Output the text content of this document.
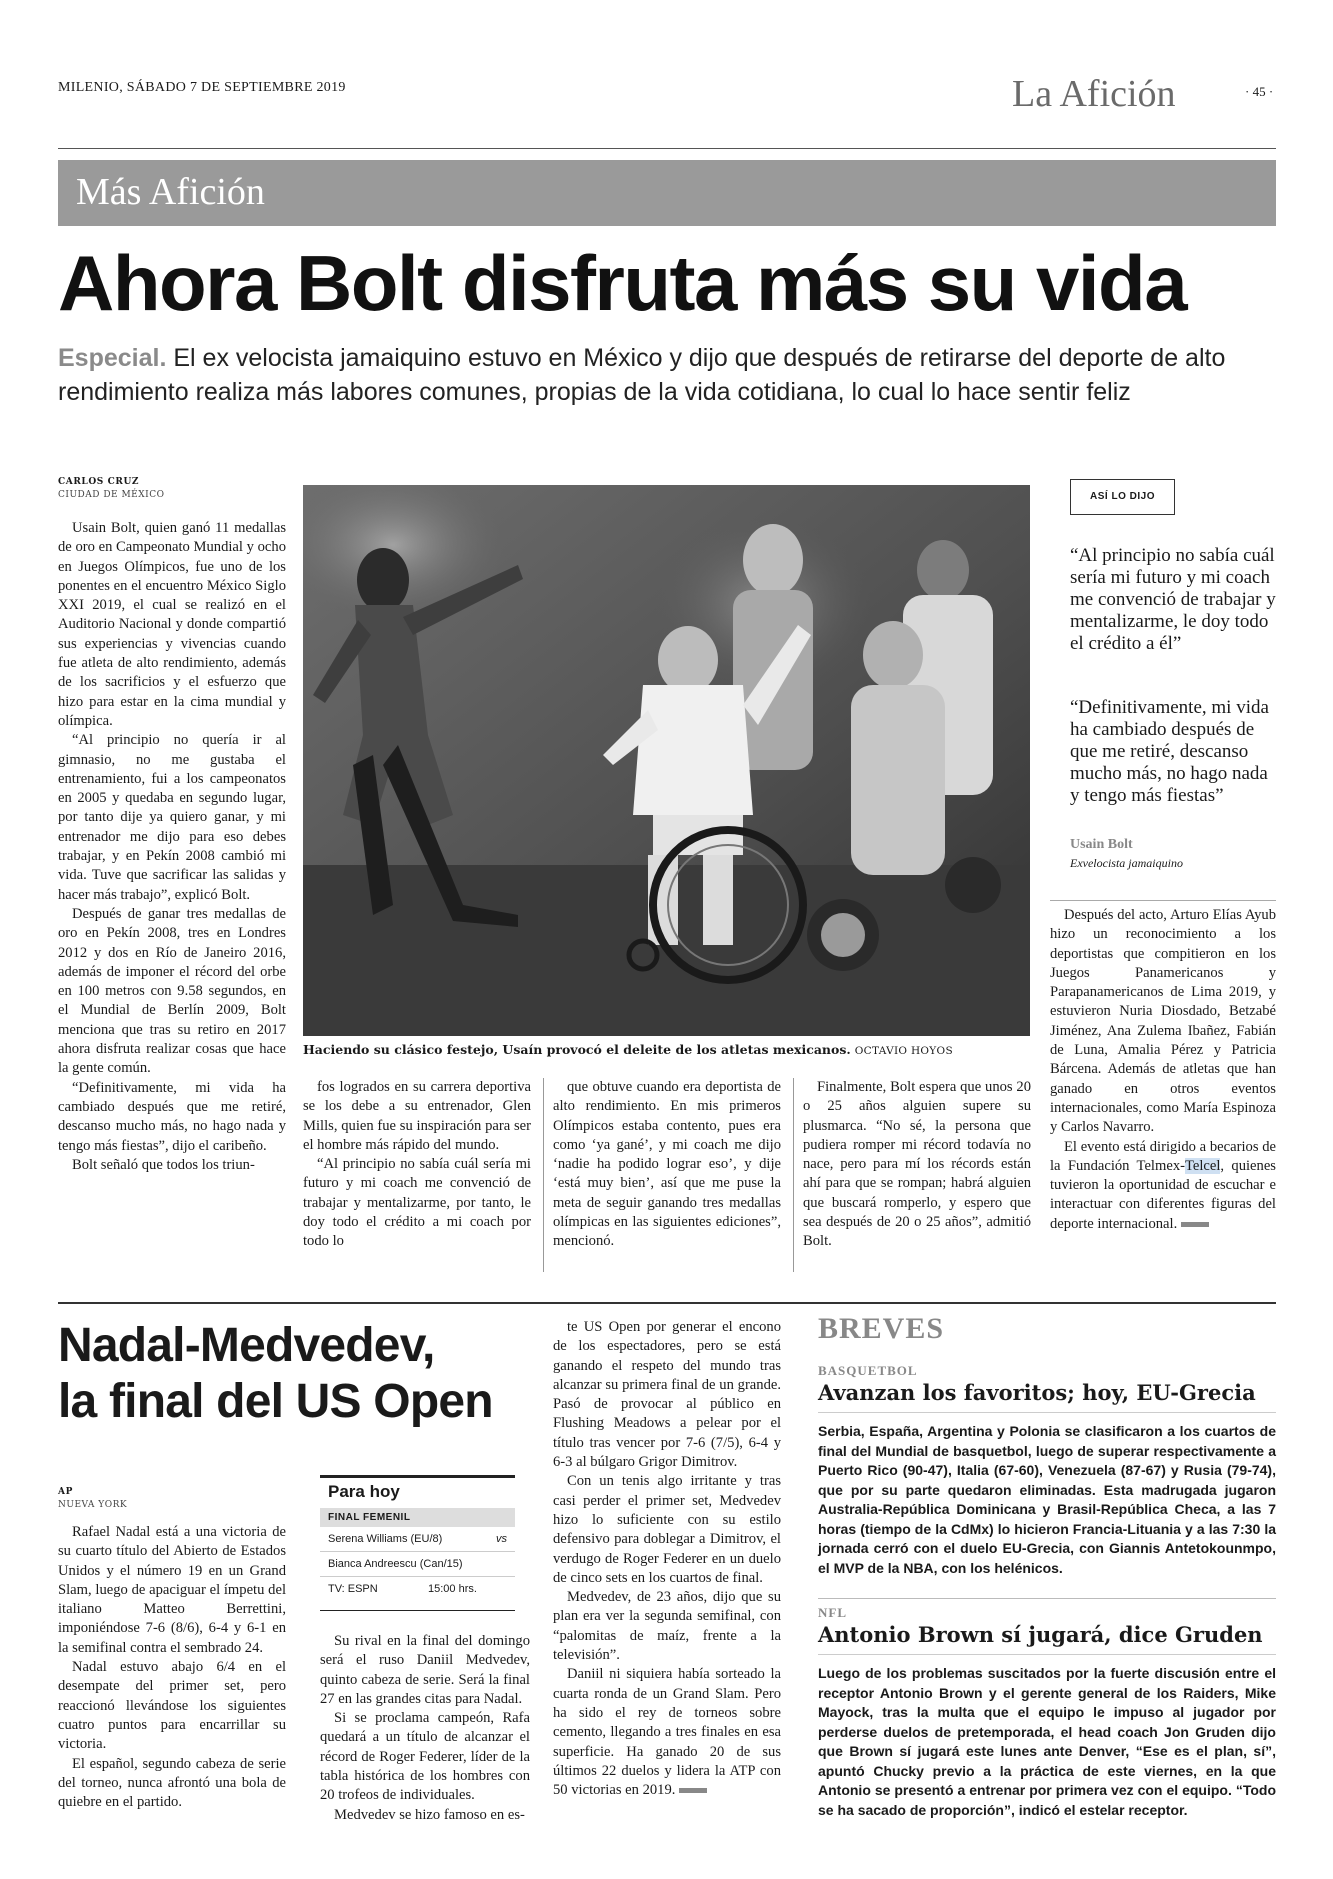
MILENIO, SÁBADO 7 DE SEPTIEMBRE 2019	La Afición	· 45 ·
Más Afición
Ahora Bolt disfruta más su vida
Especial. El ex velocista jamaiquino estuvo en México y dijo que después de retirarse del deporte de alto rendimiento realiza más labores comunes, propias de la vida cotidiana, lo cual lo hace sentir feliz
CARLOS CRUZ
CIUDAD DE MÉXICO

Usain Bolt, quien ganó 11 medallas de oro en Campeonato Mundial y ocho en Juegos Olímpicos, fue uno de los ponentes en el encuentro México Siglo XXI 2019, el cual se realizó en el Auditorio Nacional y donde compartió sus experiencias y vivencias cuando fue atleta de alto rendimiento, además de los sacrificios y el esfuerzo que hizo para estar en la cima mundial y olímpica.

“Al principio no quería ir al gimnasio, no me gustaba el entrenamiento, fui a los campeonatos en 2005 y quedaba en segundo lugar, por tanto dije ya quiero ganar, y mi entrenador me dijo para eso debes trabajar, y en Pekín 2008 cambió mi vida. Tuve que sacrificar las salidas y hacer más trabajo”, explicó Bolt.

Después de ganar tres medallas de oro en Pekín 2008, tres en Londres 2012 y dos en Río de Janeiro 2016, además de imponer el récord del orbe en 100 metros con 9.58 segundos, en el Mundial de Berlín 2009, Bolt menciona que tras su retiro en 2017 ahora disfruta realizar cosas que hace la gente común.

“Definitivamente, mi vida ha cambiado después que me retiré, descanso mucho más, no hago nada y tengo más fiestas”, dijo el caribeño.

Bolt señaló que todos los triun-

Haciendo su clásico festejo, Usaín provocó el deleite de los atletas mexicanos. OCTAVIO HOYOS

fos logrados en su carrera deportiva se los debe a su entrenador, Glen Mills, quien fue su inspiración para ser el hombre más rápido del mundo.

“Al principio no sabía cuál sería mi futuro y mi coach me convenció de trabajar y mentalizarme, por tanto, le doy todo el crédito a mi coach por todo lo

que obtuve cuando era deportista de alto rendimiento. En mis primeros Olímpicos estaba contento, pues era como ‘ya gané’, y mi coach me dijo ‘nadie ha podido lograr eso’, y dije ‘está muy bien’, así que me puse la meta de seguir ganando tres medallas olímpicas en las siguientes ediciones”, mencionó.

Finalmente, Bolt espera que unos 20 o 25 años alguien supere su plusmarca. “No sé, la persona que pudiera romper mi récord todavía no nace, pero para mí los récords están ahí para que se rompan; habrá alguien que buscará romperlo, y espero que sea después de 20 o 25 años”, admitió Bolt.

ASÍ LO DIJO
“Al principio no sabía cuál sería mi futuro y mi coach me convenció de trabajar y mentalizarme, le doy todo el crédito a él”
“Definitivamente, mi vida ha cambiado después de que me retiré, descanso mucho más, no hago nada y tengo más fiestas”
Usain Bolt
Exvelocista jamaiquino

Después del acto, Arturo Elías Ayub hizo un reconocimiento a los deportistas que compitieron en los Juegos Panamericanos y Parapanamericanos de Lima 2019, y estuvieron Nuria Diosdado, Betzabé Jiménez, Ana Zulema Ibañez, Fabián de Luna, Amalia Pérez y Patricia Bárcena. Además de atletas que han ganado en otros eventos internacionales, como María Espinoza y Carlos Navarro.

El evento está dirigido a becarios de la Fundación Telmex-Telcel, quienes tuvieron la oportunidad de escuchar e interactuar con diferentes figuras del deporte internacional.

Nadal-Medvedev,
la final del US Open
AP
NUEVA YORK

Rafael Nadal está a una victoria de su cuarto título del Abierto de Estados Unidos y el número 19 en un Grand Slam, luego de apaciguar el ímpetu del italiano Matteo Berrettini, imponiéndose 7-6 (8/6), 6-4 y 6-1 en la semifinal contra el sembrado 24.

Nadal estuvo abajo 6/4 en el desempate del primer set, pero reaccionó llevándose los siguientes cuatro puntos para encarrillar su victoria.

El español, segundo cabeza de serie del torneo, nunca afrontó una bola de quiebre en el partido.

Para hoy
FINAL FEMENIL
Serena Williams (EU/8)	vs
Bianca Andreescu (Can/15)
TV: ESPN	15:00 hrs.

Su rival en la final del domingo será el ruso Daniil Medvedev, quinto cabeza de serie. Será la final 27 en las grandes citas para Nadal.

Si se proclama campeón, Rafa quedará a un título de alcanzar el récord de Roger Federer, líder de la tabla histórica de los hombres con 20 trofeos de individuales.

Medvedev se hizo famoso en es-

te US Open por generar el encono de los espectadores, pero se está ganando el respeto del mundo tras alcanzar su primera final de un grande. Pasó de provocar al público en Flushing Meadows a pelear por el título tras vencer por 7-6 (7/5), 6-4 y 6-3 al búlgaro Grigor Dimitrov.

Con un tenis algo irritante y tras casi perder el primer set, Medvedev hizo lo suficiente con su estilo defensivo para doblegar a Dimitrov, el verdugo de Roger Federer en un duelo de cinco sets en los cuartos de final.

Medvedev, de 23 años, dijo que su plan era ver la segunda semifinal, con “palomitas de maíz, frente a la televisión”.

Daniil ni siquiera había sorteado la cuarta ronda de un Grand Slam. Pero ha sido el rey de torneos sobre cemento, llegando a tres finales en esa superficie. Ha ganado 20 de sus últimos 22 duelos y lidera la ATP con 50 victorias en 2019.

BREVES
BASQUETBOL
Avanzan los favoritos; hoy, EU-Grecia
Serbia, España, Argentina y Polonia se clasificaron a los cuartos de final del Mundial de basquetbol, luego de superar respectivamente a Puerto Rico (90-47), Italia (67-60), Venezuela (87-67) y Rusia (79-74), que por su parte quedaron eliminadas. Esta madrugada jugaron Australia-República Dominicana y Brasil-República Checa, a las 7 horas (tiempo de la CdMx) lo hicieron Francia-Lituania y a las 7:30 la jornada cerró con el duelo EU-Grecia, con Giannis Antetokounmpo, el MVP de la NBA, con los helénicos.
NFL
Antonio Brown sí jugará, dice Gruden
Luego de los problemas suscitados por la fuerte discusión entre el receptor Antonio Brown y el gerente general de los Raiders, Mike Mayock, tras la multa que el equipo le impuso al jugador por perderse duelos de pretemporada, el head coach Jon Gruden dijo que Brown sí jugará este lunes ante Denver, “Ese es el plan, sí”, apuntó Chucky previo a la práctica de este viernes, en la que Antonio se presentó a entrenar por primera vez con el equipo. “Todo se ha sacado de proporción”, indicó el estelar receptor.
